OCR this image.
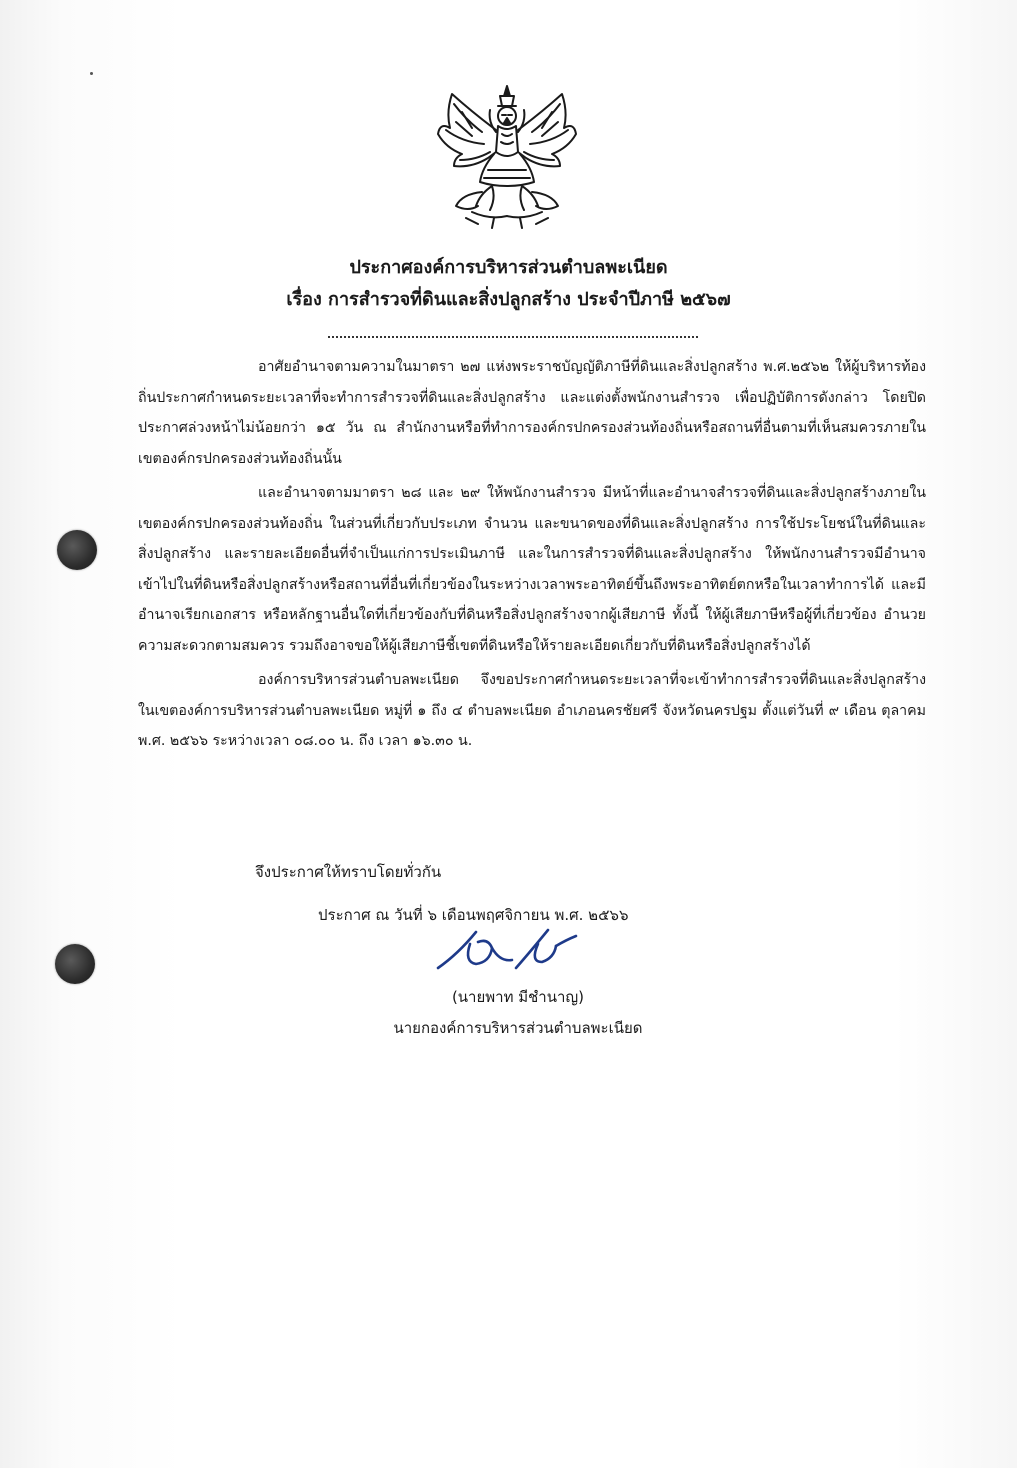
ประกาศองค์การบริหารส่วนตำบลพะเนียด
เรื่อง การสำรวจที่ดินและสิ่งปลูกสร้าง ประจำปีภาษี ๒๕๖๗

อาศัยอำนาจตามความในมาตรา ๒๗ แห่งพระราชบัญญัติภาษีที่ดินและสิ่งปลูกสร้าง พ.ศ.๒๕๖๒ ให้ผู้บริหารท้องถิ่นประกาศกำหนดระยะเวลาที่จะทำการสำรวจที่ดินและสิ่งปลูกสร้าง และแต่งตั้งพนักงานสำรวจ เพื่อปฏิบัติการดังกล่าว โดยปิดประกาศล่วงหน้าไม่น้อยกว่า ๑๕ วัน ณ สำนักงานหรือที่ทำการองค์กรปกครองส่วนท้องถิ่นหรือสถานที่อื่นตามที่เห็นสมควรภายในเขตองค์กรปกครองส่วนท้องถิ่นนั้น

และอำนาจตามมาตรา ๒๘ และ ๒๙ ให้พนักงานสำรวจ มีหน้าที่และอำนาจสำรวจที่ดินและสิ่งปลูกสร้างภายในเขตองค์กรปกครองส่วนท้องถิ่น ในส่วนที่เกี่ยวกับประเภท จำนวน และขนาดของที่ดินและสิ่งปลูกสร้าง การใช้ประโยชน์ในที่ดินและสิ่งปลูกสร้าง และรายละเอียดอื่นที่จำเป็นแก่การประเมินภาษี และในการสำรวจที่ดินและสิ่งปลูกสร้าง ให้พนักงานสำรวจมีอำนาจเข้าไปในที่ดินหรือสิ่งปลูกสร้างหรือสถานที่อื่นที่เกี่ยวข้องในระหว่างเวลาพระอาทิตย์ขึ้นถึงพระอาทิตย์ตกหรือในเวลาทำการได้ และมีอำนาจเรียกเอกสาร หรือหลักฐานอื่นใดที่เกี่ยวข้องกับที่ดินหรือสิ่งปลูกสร้างจากผู้เสียภาษี ทั้งนี้ ให้ผู้เสียภาษีหรือผู้ที่เกี่ยวข้อง อำนวยความสะดวกตามสมควร รวมถึงอาจขอให้ผู้เสียภาษีชี้เขตที่ดินหรือให้รายละเอียดเกี่ยวกับที่ดินหรือสิ่งปลูกสร้างได้

องค์การบริหารส่วนตำบลพะเนียด จึงขอประกาศกำหนดระยะเวลาที่จะเข้าทำการสำรวจที่ดินและสิ่งปลูกสร้าง ในเขตองค์การบริหารส่วนตำบลพะเนียด หมู่ที่ ๑ ถึง ๔ ตำบลพะเนียด อำเภอนครชัยศรี จังหวัดนครปฐม ตั้งแต่วันที่ ๙ เดือน ตุลาคม พ.ศ. ๒๕๖๖ ระหว่างเวลา ๐๘.๐๐ น. ถึง เวลา ๑๖.๓๐ น.

จึงประกาศให้ทราบโดยทั่วกัน
ประกาศ ณ วันที่ ๖ เดือนพฤศจิกายน พ.ศ. ๒๕๖๖
(นายพาท มีชำนาญ)
นายกองค์การบริหารส่วนตำบลพะเนียด
